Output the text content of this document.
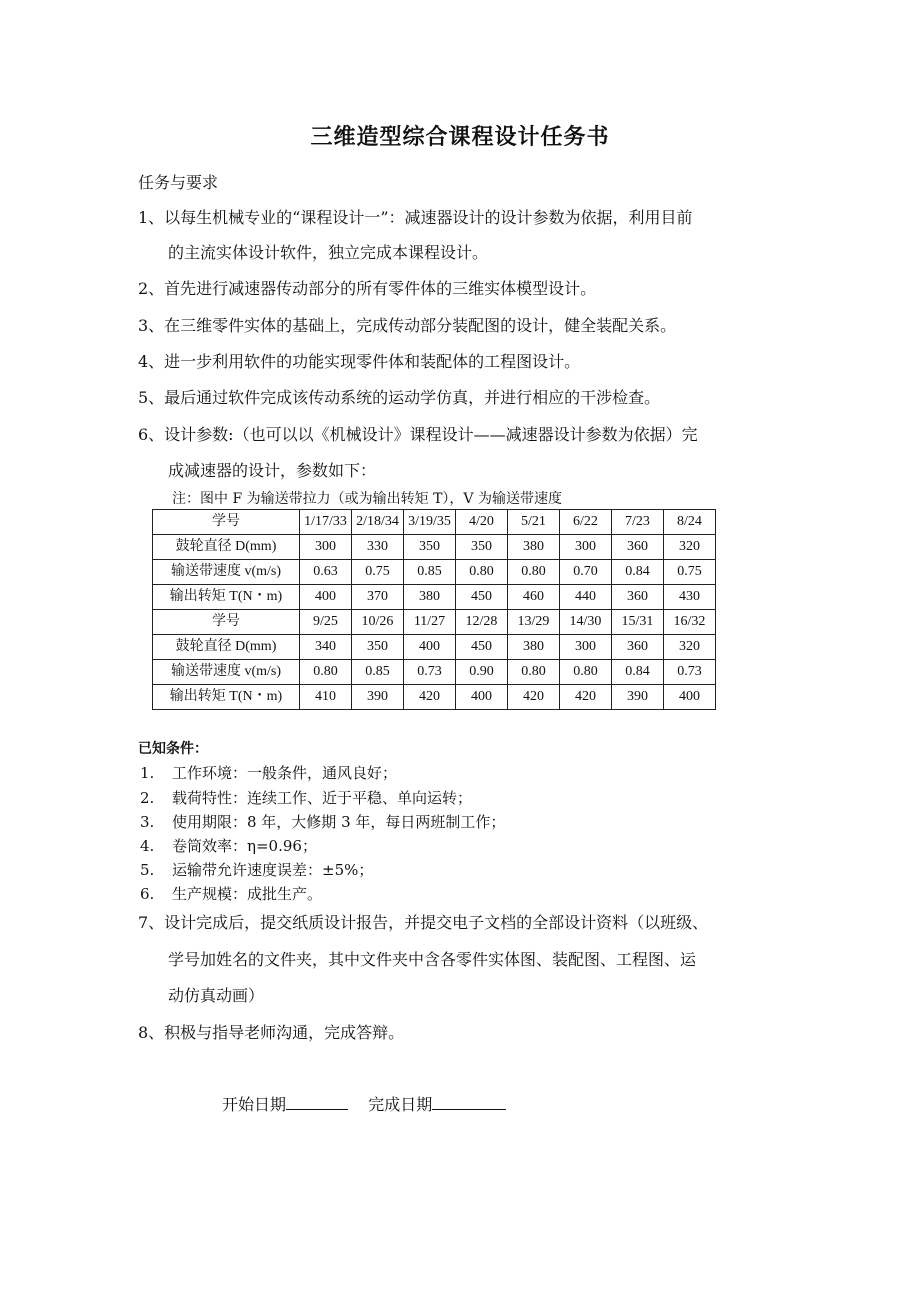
三维造型综合课程设计任务书
任务与要求
1、以每生机械专业的“课程设计一”：减速器设计的设计参数为依据，利用目前
的主流实体设计软件，独立完成本课程设计。
2、首先进行减速器传动部分的所有零件体的三维实体模型设计。
3、在三维零件实体的基础上，完成传动部分装配图的设计，健全装配关系。
4、进一步利用软件的功能实现零件体和装配体的工程图设计。
5、最后通过软件完成该传动系统的运动学仿真，并进行相应的干涉检查。
6、设计参数:（也可以以《机械设计》课程设计——减速器设计参数为依据）完
成减速器的设计，参数如下：
注：图中 F 为输送带拉力（或为输出转矩 T），V 为输送带速度
学号	1/17/33	2/18/34	3/19/35	4/20	5/21	6/22	7/23	8/24
鼓轮直径 D(mm)	300	330	350	350	380	300	360	320
输送带速度 v(m/s)	0.63	0.75	0.85	0.80	0.80	0.70	0.84	0.75
输出转矩 T(N・m)	400	370	380	450	460	440	360	430
学号	9/25	10/26	11/27	12/28	13/29	14/30	15/31	16/32
鼓轮直径 D(mm)	340	350	400	450	380	300	360	320
输送带速度 v(m/s)	0.80	0.85	0.73	0.90	0.80	0.80	0.84	0.73
输出转矩 T(N・m)	410	390	420	400	420	420	390	400
已知条件：
1. 工作环境：一般条件，通风良好；
2. 载荷特性：连续工作、近于平稳、单向运转；
3. 使用期限：8 年，大修期 3 年，每日两班制工作；
4. 卷筒效率：η=0.96；
5. 运输带允许速度误差：±5%；
6. 生产规模：成批生产。
7、设计完成后，提交纸质设计报告，并提交电子文档的全部设计资料（以班级、
学号加姓名的文件夹，其中文件夹中含各零件实体图、装配图、工程图、运
动仿真动画）
8、积极与指导老师沟通，完成答辩。
开始日期	完成日期
